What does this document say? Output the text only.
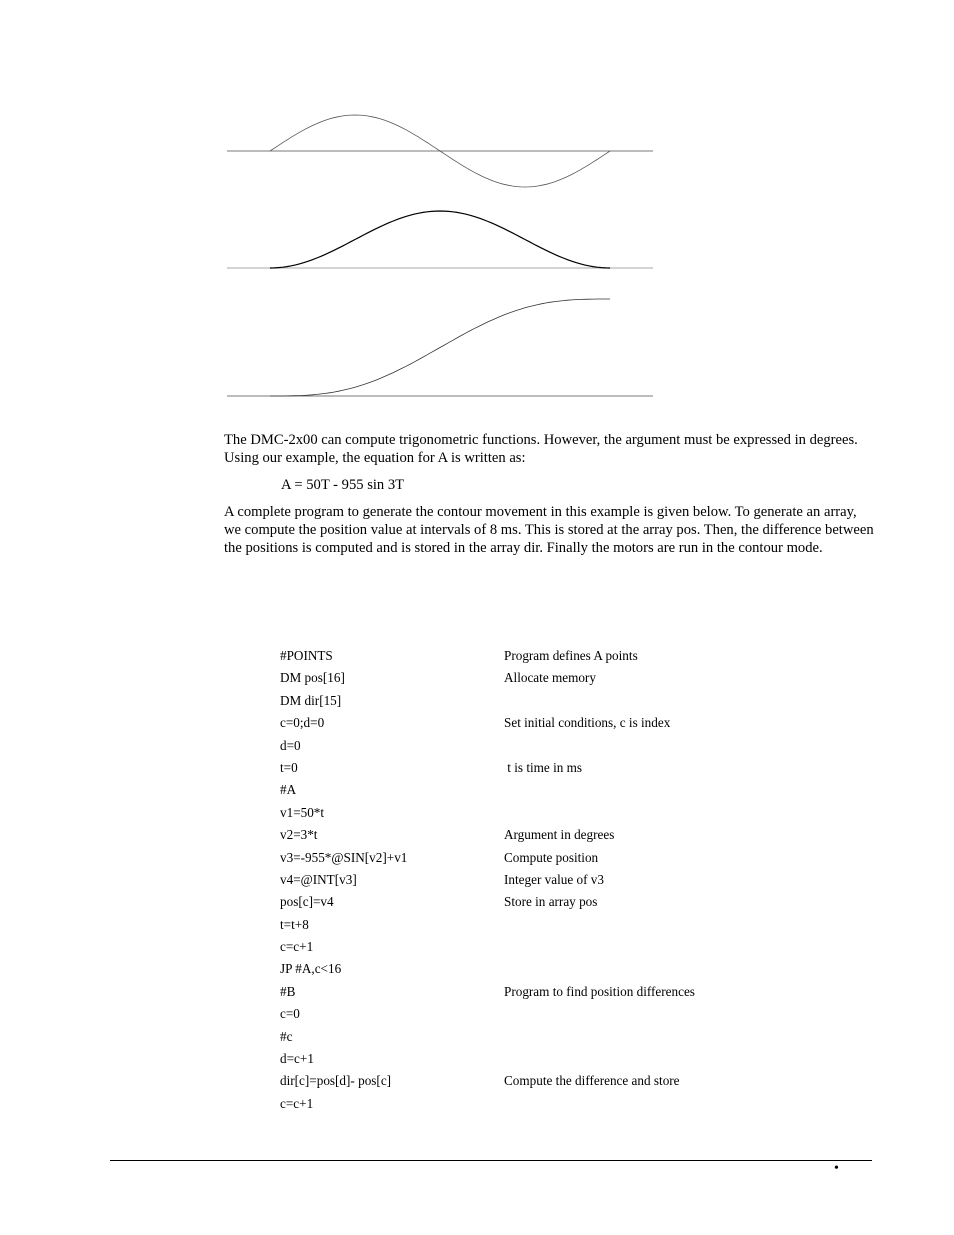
The DMC-2x00 can compute trigonometric functions. However, the argument must be expressed in degrees. Using our example, the equation for A is written as:

A = 50T - 955 sin 3T

A complete program to generate the contour movement in this example is given below. To generate an array, we compute the position value at intervals of 8 ms. This is stored at the array pos. Then, the difference between the positions is computed and is stored in the array dir. Finally the motors are run in the contour mode.

#POINTS	Program defines A points
DM pos[16]	Allocate memory
DM dir[15]
c=0;d=0	Set initial conditions, c is index
d=0
t=0	t is time in ms
#A
v1=50*t
v2=3*t	Argument in degrees
v3=-955*@SIN[v2]+v1	Compute position
v4=@INT[v3]	Integer value of v3
pos[c]=v4	Store in array pos
t=t+8
c=c+1
JP #A,c<16
#B	Program to find position differences
c=0
#c
d=c+1
dir[c]=pos[d]- pos[c]	Compute the difference and store
c=c+1
•
